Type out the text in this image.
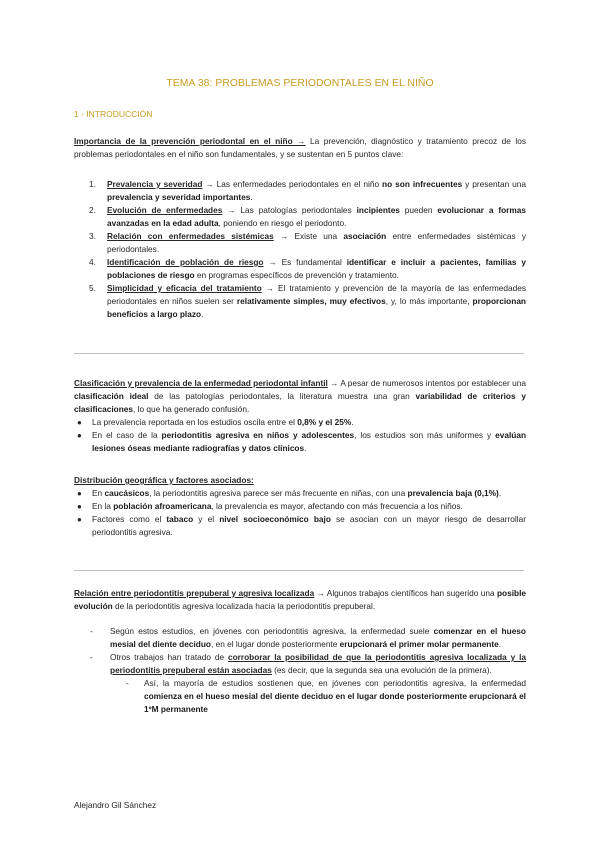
TEMA 38: PROBLEMAS PERIODONTALES EN EL NIÑO
1 - INTRODUCCIÓN

Importancia de la prevención periodontal en el niño → La prevención, diagnóstico y tratamiento precoz de los problemas periodontales en el niño son fundamentales, y se sustentan en 5 puntos clave:

1. Prevalencia y severidad → Las enfermedades periodontales en el niño no son infrecuentes y presentan una prevalencia y severidad importantes.
2. Evolución de enfermedades → Las patologías periodontales incipientes pueden evolucionar a formas avanzadas en la edad adulta, poniendo en riesgo el periodonto.
3. Relación con enfermedades sistémicas → Existe una asociación entre enfermedades sistémicas y periodontales.
4. Identificación de población de riesgo → Es fundamental identificar e incluir a pacientes, familias y poblaciones de riesgo en programas específicos de prevención y tratamiento.
5. Simplicidad y eficacia del tratamiento → El tratamiento y prevención de la mayoría de las enfermedades periodontales en niños suelen ser relativamente simples, muy efectivos, y, lo más importante, proporcionan beneficios a largo plazo.

Clasificación y prevalencia de la enfermedad periodontal infantil → A pesar de numerosos intentos por establecer una clasificación ideal de las patologías periodontales, la literatura muestra una gran variabilidad de criterios y clasificaciones, lo que ha generado confusión.

● La prevalencia reportada en los estudios oscila entre el 0,8% y el 25%.
● En el caso de la periodontitis agresiva en niños y adolescentes, los estudios son más uniformes y evalúan lesiones óseas mediante radiografías y datos clínicos.

Distribución geográfica y factores asociados:

● En caucásicos, la periodontitis agresiva parece ser más frecuente en niñas, con una prevalencia baja (0,1%).
● En la población afroamericana, la prevalencia es mayor, afectando con más frecuencia a los niños.
● Factores como el tabaco y el nivel socioeconómico bajo se asocian con un mayor riesgo de desarrollar periodontitis agresiva.

Relación entre periodontitis prepuberal y agresiva localizada → Algunos trabajos científicos han sugerido una posible evolución de la periodontitis agresiva localizada hacia la periodontitis prepuberal.

- Según estos estudios, en jóvenes con periodontitis agresiva, la enfermedad suele comenzar en el hueso mesial del diente deciduo, en el lugar donde posteriormente erupcionará el primer molar permanente.
- Otros trabajos han tratado de corroborar la posibilidad de que la periodontitis agresiva localizada y la periodontitis prepuberal están asociadas (es decir, que la segunda sea una evolución de la primera).
- Así, la mayoría de estudios sostienen que, en jóvenes con periodontitis agresiva, la enfermedad comienza en el hueso mesial del diente deciduo en el lugar donde posteriormente erupcionará el 1ºM permanente
Alejandro Gil Sánchez
